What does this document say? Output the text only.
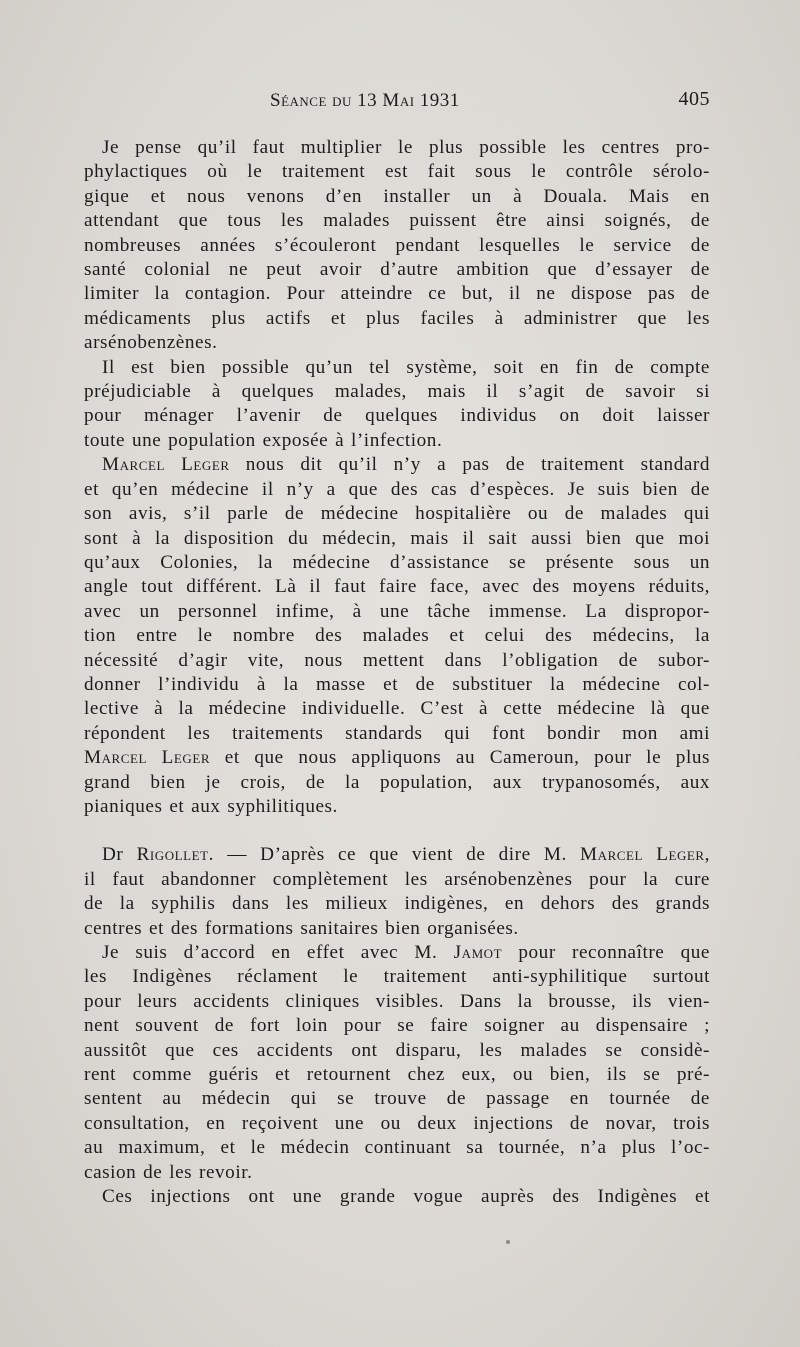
Séance du 13 Mai 1931	405
Je pense qu’il faut multiplier le plus possible les centres pro-
phylactiques où le traitement est fait sous le contrôle sérolo-
gique et nous venons d’en installer un à Douala. Mais en
attendant que tous les malades puissent être ainsi soignés, de
nombreuses années s’écouleront pendant lesquelles le service de
santé colonial ne peut avoir d’autre ambition que d’essayer de
limiter la contagion. Pour atteindre ce but, il ne dispose pas de
médicaments plus actifs et plus faciles à administrer que les
arsénobenzènes.
Il est bien possible qu’un tel système, soit en fin de compte
préjudiciable à quelques malades, mais il s’agit de savoir si
pour ménager l’avenir de quelques individus on doit laisser
toute une population exposée à l’infection.
Marcel Leger nous dit qu’il n’y a pas de traitement standard
et qu’en médecine il n’y a que des cas d’espèces. Je suis bien de
son avis, s’il parle de médecine hospitalière ou de malades qui
sont à la disposition du médecin, mais il sait aussi bien que moi
qu’aux Colonies, la médecine d’assistance se présente sous un
angle tout différent. Là il faut faire face, avec des moyens réduits,
avec un personnel infime, à une tâche immense. La dispropor-
tion entre le nombre des malades et celui des médecins, la
nécessité d’agir vite, nous mettent dans l’obligation de subor-
donner l’individu à la masse et de substituer la médecine col-
lective à la médecine individuelle. C’est à cette médecine là que
répondent les traitements standards qui font bondir mon ami
Marcel Leger et que nous appliquons au Cameroun, pour le plus
grand bien je crois, de la population, aux trypanosomés, aux
pianiques et aux syphilitiques.
Dr Rigollet. — D’après ce que vient de dire M. Marcel Leger,
il faut abandonner complètement les arsénobenzènes pour la cure
de la syphilis dans les milieux indigènes, en dehors des grands
centres et des formations sanitaires bien organisées.
Je suis d’accord en effet avec M. Jamot pour reconnaître que
les Indigènes réclament le traitement anti-syphilitique surtout
pour leurs accidents cliniques visibles. Dans la brousse, ils vien-
nent souvent de fort loin pour se faire soigner au dispensaire ;
aussitôt que ces accidents ont disparu, les malades se considè-
rent comme guéris et retournent chez eux, ou bien, ils se pré-
sentent au médecin qui se trouve de passage en tournée de
consultation, en reçoivent une ou deux injections de novar, trois
au maximum, et le médecin continuant sa tournée, n’a plus l’oc-
casion de les revoir.
Ces injections ont une grande vogue auprès des Indigènes et
